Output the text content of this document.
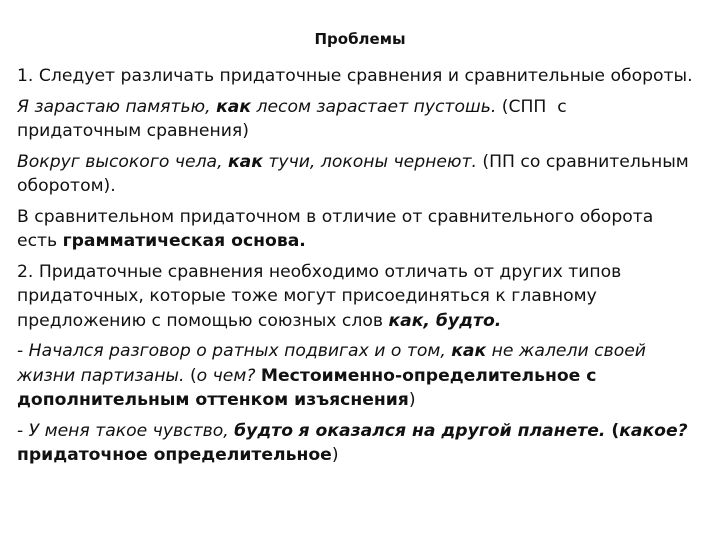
Проблемы

1. Следует различать придаточные сравнения и сравнительные обороты.

Я зарастаю памятью, как лесом зарастает пустошь. (СПП  с придаточным сравнения)

Вокруг высокого чела, как тучи, локоны чернеют. (ПП со сравнительным оборотом).

В сравнительном придаточном в отличие от сравнительного оборота есть грамматическая основа.

2. Придаточные сравнения необходимо отличать от других типов придаточных, которые тоже могут присоединяться к главному предложению с помощью союзных слов как, будто.

- Начался разговор о ратных подвигах и о том, как не жалели своей жизни партизаны. (о чем? Местоименно-определительное с дополнительным оттенком изъяснения)

- У меня такое чувство, будто я оказался на другой планете. (какое? придаточное определительное)
